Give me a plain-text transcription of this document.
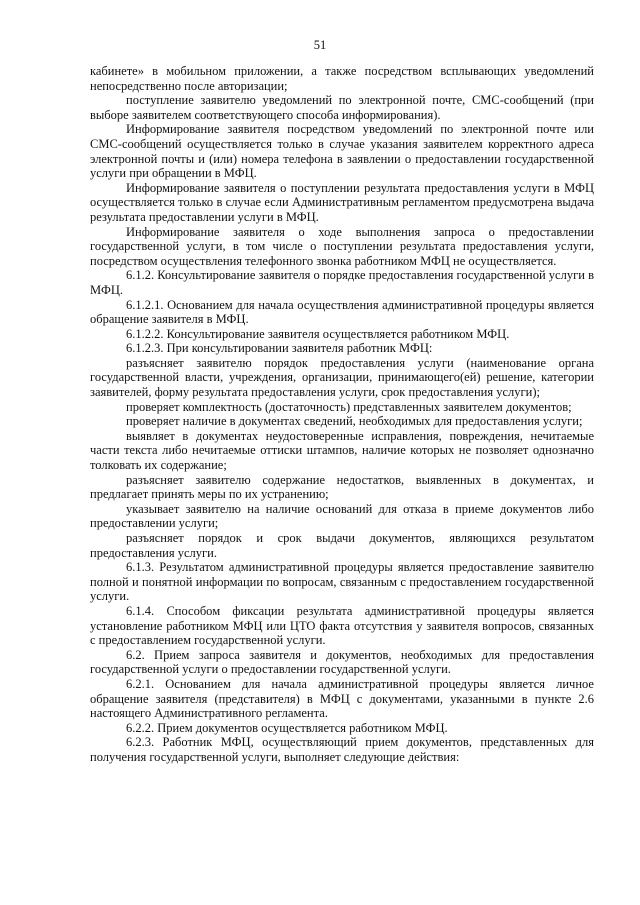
51

кабинете» в мобильном приложении, а также посредством всплывающих уведомлений непосредственно после авторизации;

поступление заявителю уведомлений по электронной почте, СМС-сообщений (при выборе заявителем соответствующего способа информирования).

Информирование заявителя посредством уведомлений по электронной почте или СМС-сообщений осуществляется только в случае указания заявителем корректного адреса электронной почты и (или) номера телефона в заявлении о предоставлении государственной услуги при обращении в МФЦ.

Информирование заявителя о поступлении результата предоставления услуги в МФЦ осуществляется только в случае если Административным регламентом предусмотрена выдача результата предоставлении услуги в МФЦ.

Информирование заявителя о ходе выполнения запроса о предоставлении государственной услуги, в том числе о поступлении результата предоставления услуги, посредством осуществления телефонного звонка работником МФЦ не осуществляется.

6.1.2. Консультирование заявителя о порядке предоставления государственной услуги в МФЦ.

6.1.2.1. Основанием для начала осуществления административной процедуры является обращение заявителя в МФЦ.

6.1.2.2. Консультирование заявителя осуществляется работником МФЦ.

6.1.2.3. При консультировании заявителя работник МФЦ:

разъясняет заявителю порядок предоставления услуги (наименование органа государственной власти, учреждения, организации, принимающего(ей) решение, категории заявителей, форму результата предоставления услуги, срок предоставления услуги);

проверяет комплектность (достаточность) представленных заявителем документов;

проверяет наличие в документах сведений, необходимых для предоставления услуги;

выявляет в документах неудостоверенные исправления, повреждения, нечитаемые части текста либо нечитаемые оттиски штампов, наличие которых не позволяет однозначно толковать их содержание;

разъясняет заявителю содержание недостатков, выявленных в документах, и предлагает принять меры по их устранению;

указывает заявителю на наличие оснований для отказа в приеме документов либо предоставлении услуги;

разъясняет порядок и срок выдачи документов, являющихся результатом предоставления услуги.

6.1.3. Результатом административной процедуры является предоставление заявителю полной и понятной информации по вопросам, связанным с предоставлением государственной услуги.

6.1.4. Способом фиксации результата административной процедуры является установление работником МФЦ или ЦТО факта отсутствия у заявителя вопросов, связанных с предоставлением государственной услуги.

6.2. Прием запроса заявителя и документов, необходимых для предоставления государственной услуги о предоставлении государственной услуги.

6.2.1. Основанием для начала административной процедуры является личное обращение заявителя (представителя) в МФЦ с документами, указанными в пункте 2.6 настоящего Административного регламента.

6.2.2. Прием документов осуществляется работником МФЦ.

6.2.3. Работник МФЦ, осуществляющий прием документов, представленных для получения государственной услуги, выполняет следующие действия:
